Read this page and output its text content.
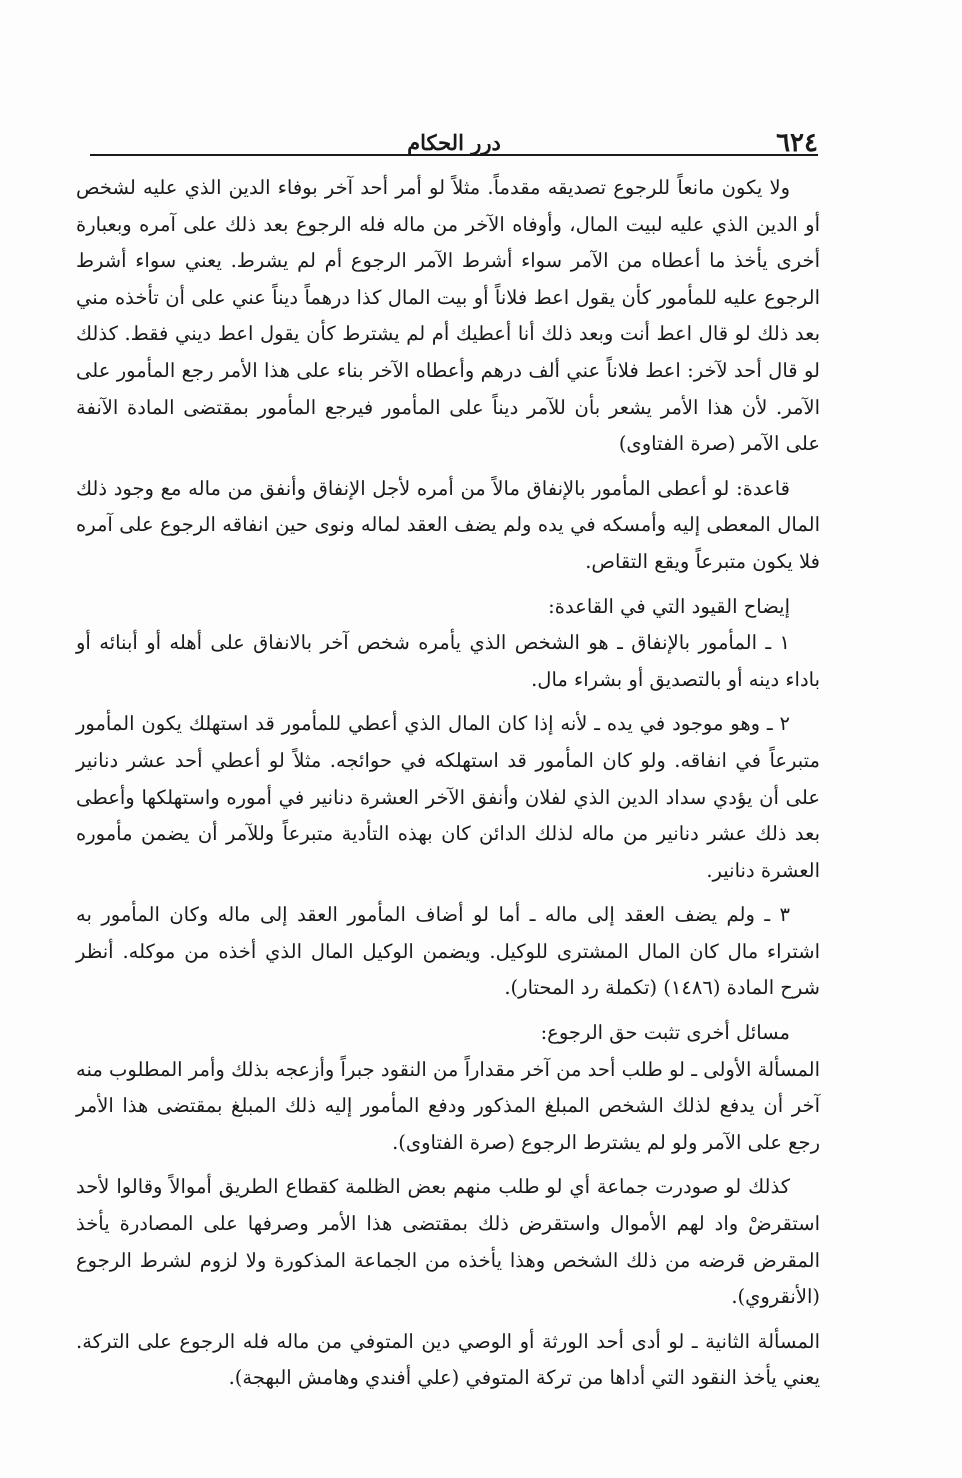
٦٢٤
درر الحكام

ولا يكون مانعاً للرجوع تصديقه مقدماً. مثلاً لو أمر أحد آخر بوفاء الدين الذي عليه لشخص أو الدين الذي عليه لبيت المال، وأوفاه الآخر من ماله فله الرجوع بعد ذلك على آمره وبعبارة أخرى يأخذ ما أعطاه من الآمر سواء أشرط الآمر الرجوع أم لم يشرط. يعني سواء أشرط الرجوع عليه للمأمور كأن يقول اعط فلاناً أو بيت المال كذا درهماً ديناً عني على أن تأخذه مني بعد ذلك لو قال اعط أنت وبعد ذلك أنا أعطيك أم لم يشترط كأن يقول اعط ديني فقط. كذلك لو قال أحد لآخر: اعط فلاناً عني ألف درهم وأعطاه الآخر بناء على هذا الأمر رجع المأمور على الآمر. لأن هذا الأمر يشعر بأن للآمر ديناً على المأمور فيرجع المأمور بمقتضى المادة الآنفة على الآمر (صرة الفتاوى)

قاعدة: لو أعطى المأمور بالإنفاق مالاً من أمره لأجل الإنفاق وأنفق من ماله مع وجود ذلك المال المعطى إليه وأمسكه في يده ولم يضف العقد لماله ونوى حين انفاقه الرجوع على آمره فلا يكون متبرعاً ويقع التقاص.

إيضاح القيود التي في القاعدة:

١ ـ المأمور بالإنفاق ـ هو الشخص الذي يأمره شخص آخر بالانفاق على أهله أو أبنائه أو باداء دينه أو بالتصديق أو بشراء مال.

٢ ـ وهو موجود في يده ـ لأنه إذا كان المال الذي أعطي للمأمور قد استهلك يكون المأمور متبرعاً في انفاقه. ولو كان المأمور قد استهلكه في حوائجه. مثلاً لو أعطي أحد عشر دنانير على أن يؤدي سداد الدين الذي لفلان وأنفق الآخر العشرة دنانير في أموره واستهلكها وأعطى بعد ذلك عشر دنانير من ماله لذلك الدائن كان بهذه التأدية متبرعاً وللآمر أن يضمن مأموره العشرة دنانير.

٣ ـ ولم يضف العقد إلى ماله ـ أما لو أضاف المأمور العقد إلى ماله وكان المأمور به اشتراء مال كان المال المشترى للوكيل. ويضمن الوكيل المال الذي أخذه من موكله. أنظر شرح المادة (١٤٨٦) (تكملة رد المحتار).

مسائل أخرى تثبت حق الرجوع:

المسألة الأولى ـ لو طلب أحد من آخر مقداراً من النقود جبراً وأزعجه بذلك وأمر المطلوب منه آخر أن يدفع لذلك الشخص المبلغ المذكور ودفع المأمور إليه ذلك المبلغ بمقتضى هذا الأمر رجع على الآمر ولو لم يشترط الرجوع (صرة الفتاوى).

كذلك لو صودرت جماعة أي لو طلب منهم بعض الظلمة كقطاع الطريق أموالاً وقالوا لأحد استقرضْ واد لهم الأموال واستقرض ذلك بمقتضى هذا الأمر وصرفها على المصادرة يأخذ المقرض قرضه من ذلك الشخص وهذا يأخذه من الجماعة المذكورة ولا لزوم لشرط الرجوع (الأنقروي).

المسألة الثانية ـ لو أدى أحد الورثة أو الوصي دين المتوفي من ماله فله الرجوع على التركة. يعني يأخذ النقود التي أداها من تركة المتوفي (علي أفندي وهامش البهجة).
